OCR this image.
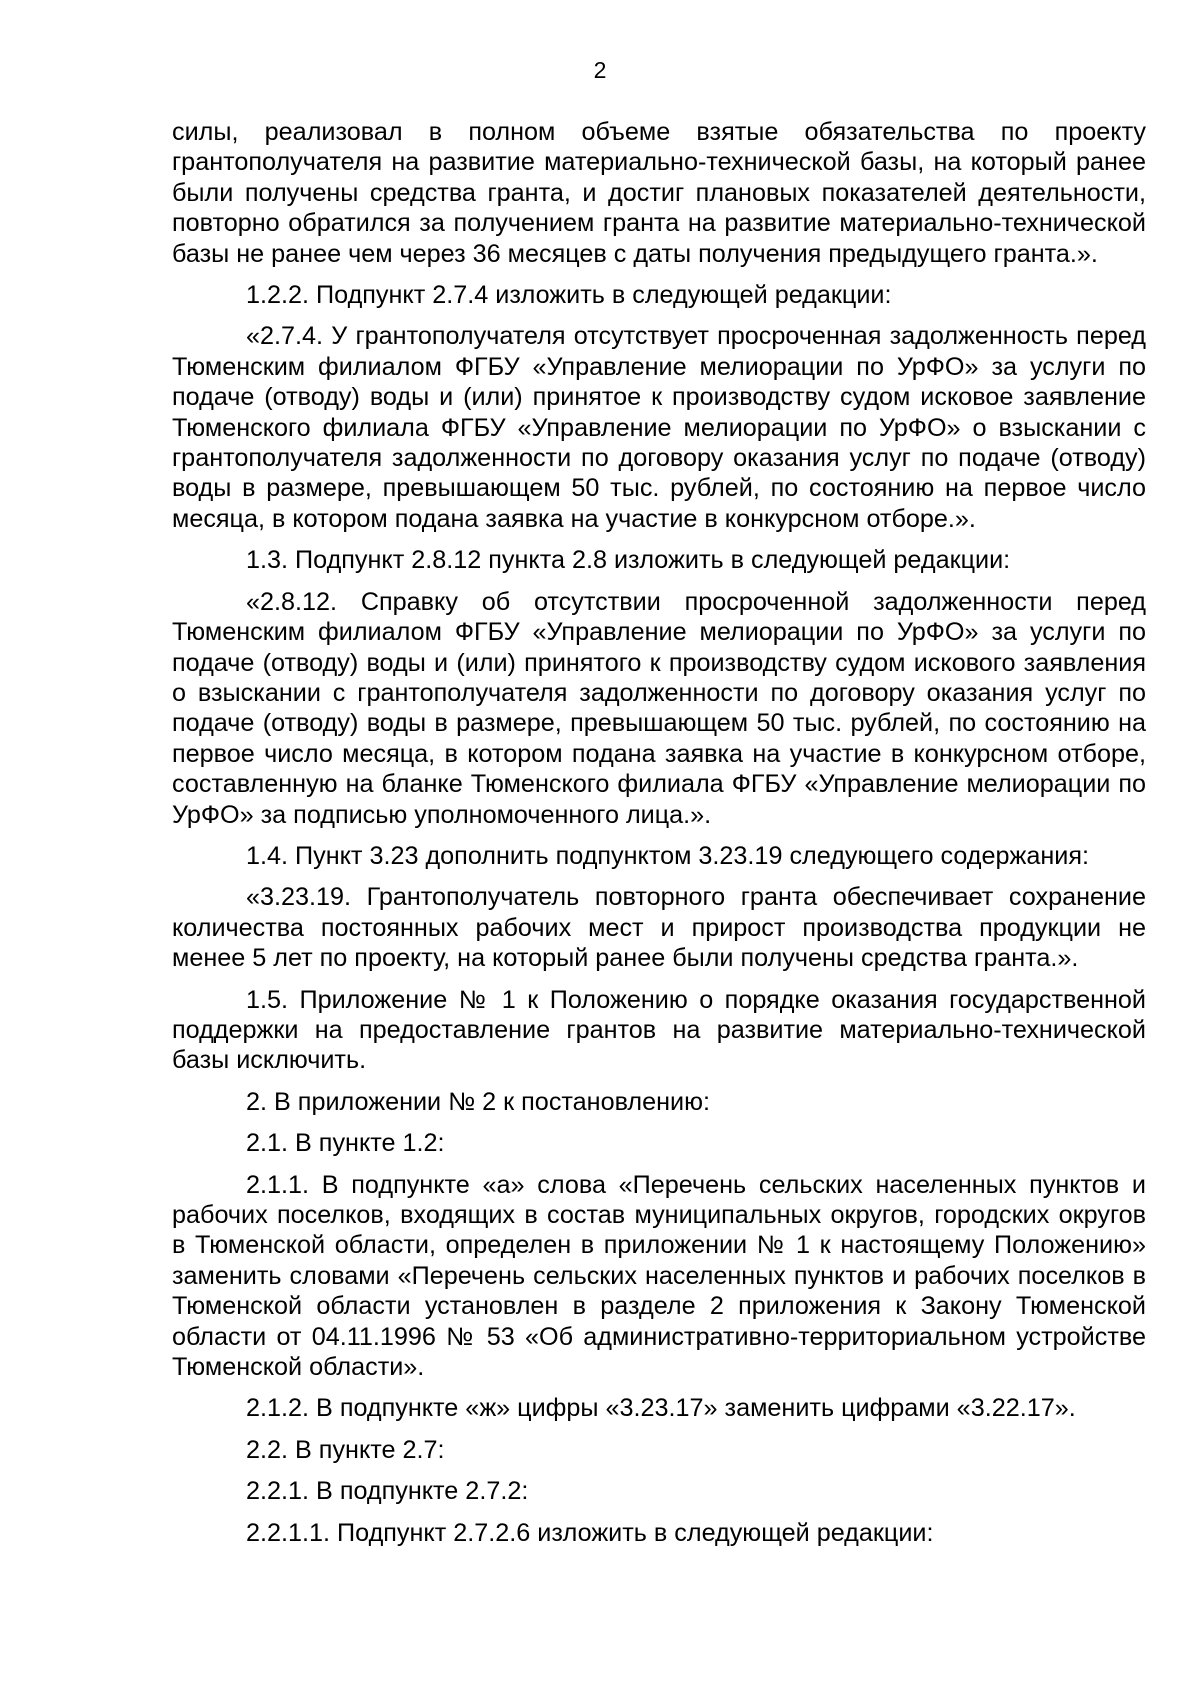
2

силы, реализовал в полном объеме взятые обязательства по проекту грантополучателя на развитие материально-технической базы, на который ранее были получены средства гранта, и достиг плановых показателей деятельности, повторно обратился за получением гранта на развитие материально-технической базы не ранее чем через 36 месяцев с даты получения предыдущего гранта.».

1.2.2. Подпункт 2.7.4 изложить в следующей редакции:

«2.7.4. У грантополучателя отсутствует просроченная задолженность перед Тюменским филиалом ФГБУ «Управление мелиорации по УрФО» за услуги по подаче (отводу) воды и (или) принятое к производству судом исковое заявление Тюменского филиала ФГБУ «Управление мелиорации по УрФО» о взыскании с грантополучателя задолженности по договору оказания услуг по подаче (отводу) воды в размере, превышающем 50 тыс. рублей, по состоянию на первое число месяца, в котором подана заявка на участие в конкурсном отборе.».

1.3. Подпункт 2.8.12 пункта 2.8 изложить в следующей редакции:

«2.8.12. Справку об отсутствии просроченной задолженности перед Тюменским филиалом ФГБУ «Управление мелиорации по УрФО» за услуги по подаче (отводу) воды и (или) принятого к производству судом искового заявления о взыскании с грантополучателя задолженности по договору оказания услуг по подаче (отводу) воды в размере, превышающем 50 тыс. рублей, по состоянию на первое число месяца, в котором подана заявка на участие в конкурсном отборе, составленную на бланке Тюменского филиала ФГБУ «Управление мелиорации по УрФО» за подписью уполномоченного лица.».

1.4. Пункт 3.23 дополнить подпунктом 3.23.19 следующего содержания:

«3.23.19. Грантополучатель повторного гранта обеспечивает сохранение количества постоянных рабочих мест и прирост производства продукции не менее 5 лет по проекту, на который ранее были получены средства гранта.».

1.5. Приложение № 1 к Положению о порядке оказания государственной поддержки на предоставление грантов на развитие материально-технической базы исключить.

2. В приложении № 2 к постановлению:

2.1. В пункте 1.2:

2.1.1. В подпункте «а» слова «Перечень сельских населенных пунктов и рабочих поселков, входящих в состав муниципальных округов, городских округов в Тюменской области, определен в приложении № 1 к настоящему Положению» заменить словами «Перечень сельских населенных пунктов и рабочих поселков в Тюменской области установлен в разделе 2 приложения к Закону Тюменской области от 04.11.1996 № 53 «Об административно-территориальном устройстве Тюменской области».

2.1.2. В подпункте «ж» цифры «3.23.17» заменить цифрами «3.22.17».

2.2. В пункте 2.7:

2.2.1. В подпункте 2.7.2:

2.2.1.1. Подпункт 2.7.2.6 изложить в следующей редакции:
